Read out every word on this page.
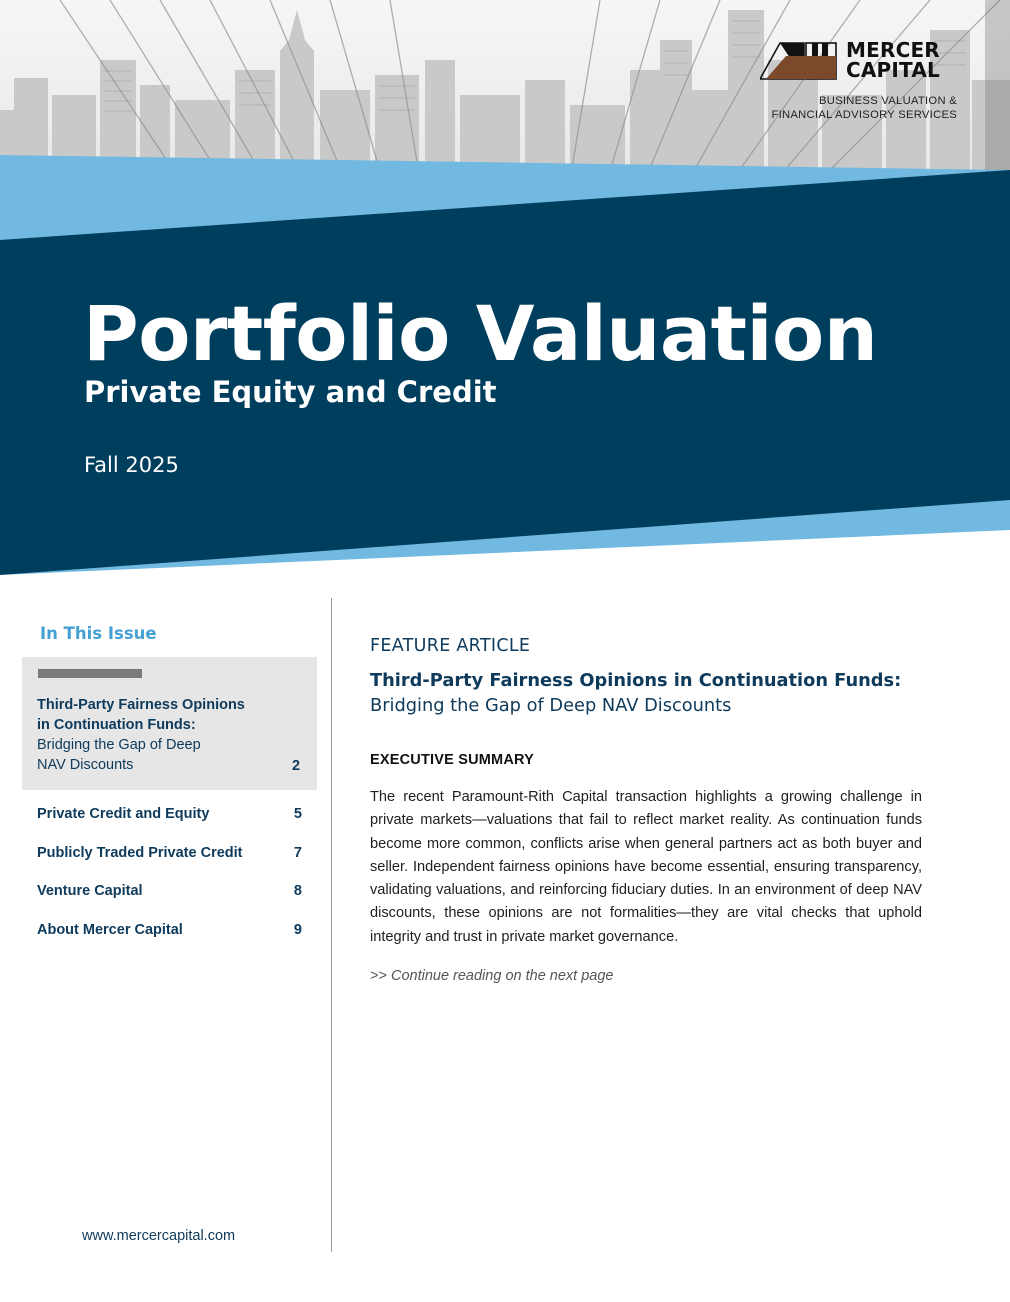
MERCER
CAPITAL
BUSINESS VALUATION &
FINANCIAL ADVISORY SERVICES
Portfolio Valuation
Private Equity and Credit
Fall 2025
In This Issue
Third-Party Fairness Opinions
in Continuation Funds:
Bridging the Gap of Deep
NAV Discounts	2
Private Credit and Equity	5
Publicly Traded Private Credit	7
Venture Capital	8
About Mercer Capital	9
www.mercercapital.com
FEATURE ARTICLE
Third-Party Fairness Opinions in Continuation Funds:
Bridging the Gap of Deep NAV Discounts
EXECUTIVE SUMMARY

The recent Paramount-Rith Capital transaction highlights a growing challenge in private markets—valuations that fail to reflect market reality. As continuation funds become more common, conflicts arise when general partners act as both buyer and seller. Independent fairness opinions have become essential, ensuring transparency, validating valuations, and reinforcing fiduciary duties. In an environment of deep NAV discounts, these opinions are not formalities—they are vital checks that uphold integrity and trust in private market governance.

>> Continue reading on the next page
